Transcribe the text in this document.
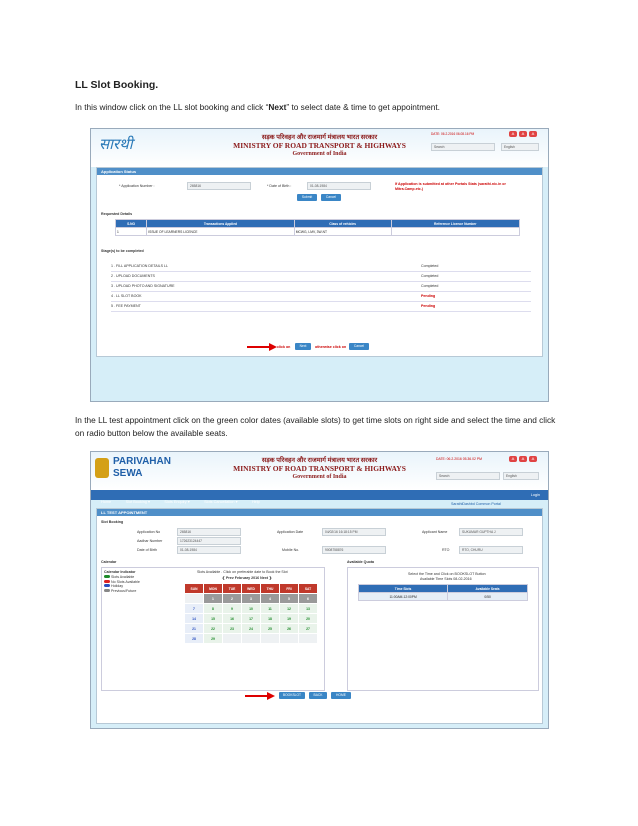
LL Slot Booking.
In this window click on the LL slot booking and click “Next” to select date & time to get appointment.
सारथी	सड़क परिवहन और राजमार्ग मंत्रालय भारत सरकार
MINISTRY OF ROAD TRANSPORT & HIGHWAYS
Government of India
DATE: 06.2.2016 06.08.16 PM	A	A	A
Search	English
Application Status
* Application Number :	265816	* Date of Birth :	01-08-1984	If Application is submitted at other Portals Stats (sarathi.nic.in or Mitra.Camp.etc.)
Submit	Cancel
Requested Details
S.NO	Transactions Applied	Class of vehicles	Reference Licence Number
1	ISSUE OF LEARNERS LICENCE	MCWG, LMV, 3W-NT	
Stage(s) to be completed
1 . FILL APPLICATION DETAILS LL	Completed
2 . UPLOAD DOCUMENTS	Completed
3 . UPLOAD PHOTO AND SIGNATURE	Completed
4 . LL SLOT BOOK	Pending
5 . FEE PAYMENT	Pending
click on	Next	otherwise click on	Cancel
In the LL test appointment click on the green color dates (available slots) to get time slots on right side and select the time and click on radio button below the available seats.
PARIVAHAN
SEWA
सड़क परिवहन और राजमार्ग मंत्रालय भारत सरकार
MINISTRY OF ROAD TRANSPORT & HIGHWAYS
Government of India
DATE: 06.2.2016 05.36.02 PM	A	A	A
Search	English
Home	Slot Booking ▾	Slots Enquiry ▾	Slots Cancellation ▾	Help
Login
SarathiDashbd Common Portal
LL TEST APPOINTMENT
Slot Booking
Application No	265816	Application Date	04/02/16 16:18:15 PM	Applicant Name	SUKUMAR GUPTHA J
Aadhar Number	172623124447
Date of Birth	01-08-1984	Mobile No.	9008758876	RTO	RTO, CHURU
Calendar	Available Quota
Calendar Indicator
Slots Available
No Slots Available
Holiday
Previous/Future
Slots Available . Click on preferable date to Book the Slot
❮ Prev February 2016 Next ❯
SUN	MON	TUE	WED	THU	FRI	SAT
	1	2	3	4	5	6
7	8	9	10	11	12	13
14	15	16	17	18	19	20
21	22	23	24	25	26	27
28	29					
Select the Time and Click on BOOKSLOT Button
Available Time Slots 08-02-2016
Time Slots	Available Seats
11:00AM-12:00PM	0/50
BOOKSLOT	BACK	HOME
